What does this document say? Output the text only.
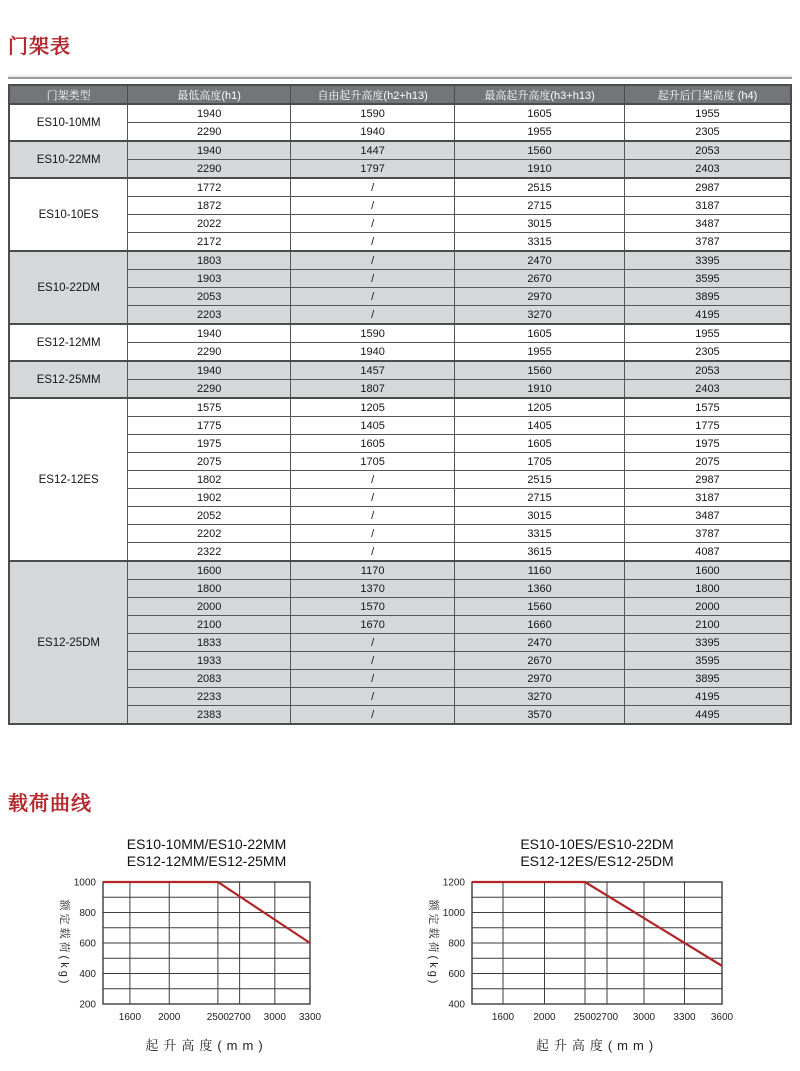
门架表
门架类型	最低高度(h1)	自由起升高度(h2+h13)	最高起升高度(h3+h13)	起升后门架高度 (h4)
ES10-10MM	1940	1590	1605	1955
	2290	1940	1955	2305
ES10-22MM	1940	1447	1560	2053
	2290	1797	1910	2403
ES10-10ES	1772	/	2515	2987
	1872	/	2715	3187
	2022	/	3015	3487
	2172	/	3315	3787
ES10-22DM	1803	/	2470	3395
	1903	/	2670	3595
	2053	/	2970	3895
	2203	/	3270	4195
ES12-12MM	1940	1590	1605	1955
	2290	1940	1955	2305
ES12-25MM	1940	1457	1560	2053
	2290	1807	1910	2403
ES12-12ES	1575	1205	1205	1575
	1775	1405	1405	1775
	1975	1605	1605	1975
	2075	1705	1705	2075
	1802	/	2515	2987
	1902	/	2715	3187
	2052	/	3015	3487
	2202	/	3315	3787
	2322	/	3615	4087
ES12-25DM	1600	1170	1160	1600
	1800	1370	1360	1800
	2000	1570	1560	2000
	2100	1670	1660	2100
	1833	/	2470	3395
	1933	/	2670	3595
	2083	/	2970	3895
	2233	/	3270	4195
	2383	/	3570	4495
载荷曲线
ES10-10MM/ES10-22MM
ES12-12MM/ES12-25MM
1000
800
600
400
200
1600 2000	2500 2700 3000 3300
额定载荷(kg)
起升高度(mm)
ES10-10ES/ES10-22DM
ES12-12ES/ES12-25DM
1200
1000
800
600
400
1600 2000 2500 2700 3000 3300 3600
额定载荷(kg)
起升高度(mm)
